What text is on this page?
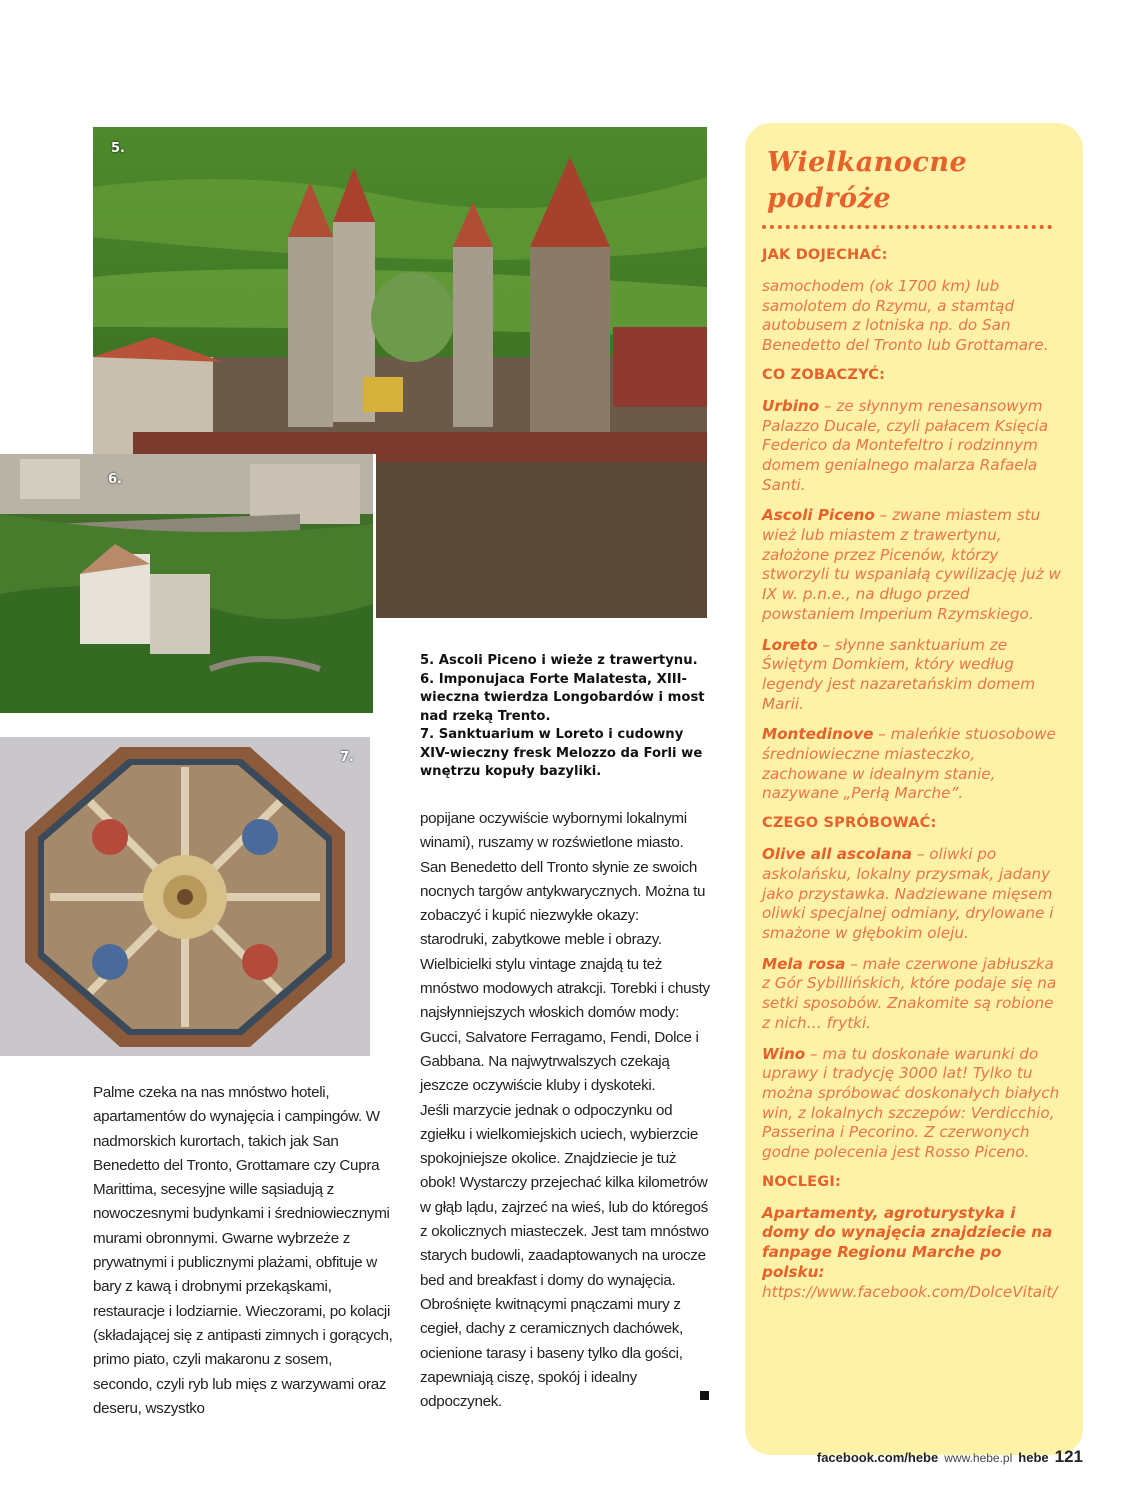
5.
6.
7.

5. Ascoli Piceno i wieże z trawertynu.

6. Imponujaca Forte Malatesta, XIII-wieczna twierdza Longobardów i most nad rzeką Trento.

7. Sanktuarium w Loreto i cudowny XIV-wieczny fresk Melozzo da Forli we wnętrzu kopuły bazyliki.

Palme czeka na nas mnóstwo hoteli, apartamentów do wynajęcia i campingów. W nadmorskich kurortach, takich jak San Benedetto del Tronto, Grottamare czy Cupra Marittima, secesyjne wille sąsiadują z nowoczesnymi budynkami i średniowiecznymi murami obronnymi. Gwarne wybrzeże z prywatnymi i publicznymi plażami, obfituje w bary z kawą i drobnymi przekąskami, restauracje i lodziarnie. Wieczorami, po kolacji (składającej się z antipasti zimnych i gorących, primo piato, czyli makaronu z sosem, secondo, czyli ryb lub mięs z warzywami oraz deseru, wszystko

popijane oczywiście wybornymi lokalnymi winami), ruszamy w rozświetlone miasto. San Benedetto dell Tronto słynie ze swoich nocnych targów antykwarycznych. Można tu zobaczyć i kupić niezwykłe okazy: starodruki, zabytkowe meble i obrazy. Wielbicielki stylu vintage znajdą tu też mnóstwo modowych atrakcji. Torebki i chusty najsłynniejszych włoskich domów mody: Gucci, Salvatore Ferragamo, Fendi, Dolce i Gabbana. Na najwytrwalszych czekają jeszcze oczywiście kluby i dyskoteki.

Jeśli marzycie jednak o odpoczynku od zgiełku i wielkomiejskich uciech, wybierzcie spokojniejsze okolice. Znajdziecie je tuż obok! Wystarczy przejechać kilka kilometrów w głąb lądu, zajrzeć na wieś, lub do któregoś z okolicznych miasteczek. Jest tam mnóstwo starych budowli, zaadaptowanych na urocze bed and breakfast i domy do wynajęcia. Obrośnięte kwitnącymi pnączami mury z cegieł, dachy z ceramicznych dachówek, ocienione tarasy i baseny tylko dla gości, zapewniają ciszę, spokój i idealny odpoczynek.

Wielkanocne
podróże
JAK DOJECHAĆ:

samochodem (ok 1700 km) lub samolotem do Rzymu, a stamtąd autobusem z lotniska np. do San Benedetto del Tronto lub Grottamare.

CO ZOBACZYĆ:

Urbino – ze słynnym renesansowym Palazzo Ducale, czyli pałacem Księcia Federico da Montefeltro i rodzinnym domem genialnego malarza Rafaela Santi.

Ascoli Piceno – zwane miastem stu wież lub miastem z trawertynu, założone przez Picenów, którzy stworzyli tu wspaniałą cywilizację już w IX w. p.n.e., na długo przed powstaniem Imperium Rzymskiego.

Loreto – słynne sanktuarium ze Świętym Domkiem, który według legendy jest nazaretańskim domem Marii.

Montedinove – maleńkie stuosobowe średniowieczne miasteczko, zachowane w idealnym stanie, nazywane „Perłą Marche”.

CZEGO SPRÓBOWAĆ:

Olive all ascolana – oliwki po askolańsku, lokalny przysmak, jadany jako przystawka. Nadziewane mięsem oliwki specjalnej odmiany, drylowane i smażone w głębokim oleju.

Mela rosa – małe czerwone jabłuszka z Gór Sybillińskich, które podaje się na setki sposobów. Znakomite są robione z nich… frytki.

Wino – ma tu doskonałe warunki do uprawy i tradycję 3000 lat! Tylko tu można spróbować doskonałych białych win, z lokalnych szczepów: Verdicchio, Passerina i Pecorino. Z czerwonych godne polecenia jest Rosso Piceno.

NOCLEGI:

Apartamenty, agroturystyka i domy do wynajęcia znajdziecie na fanpage Regionu Marche po polsku:
https://www.facebook.com/DolceVitait/

facebook.com/hebe www.hebe.pl hebe 121
